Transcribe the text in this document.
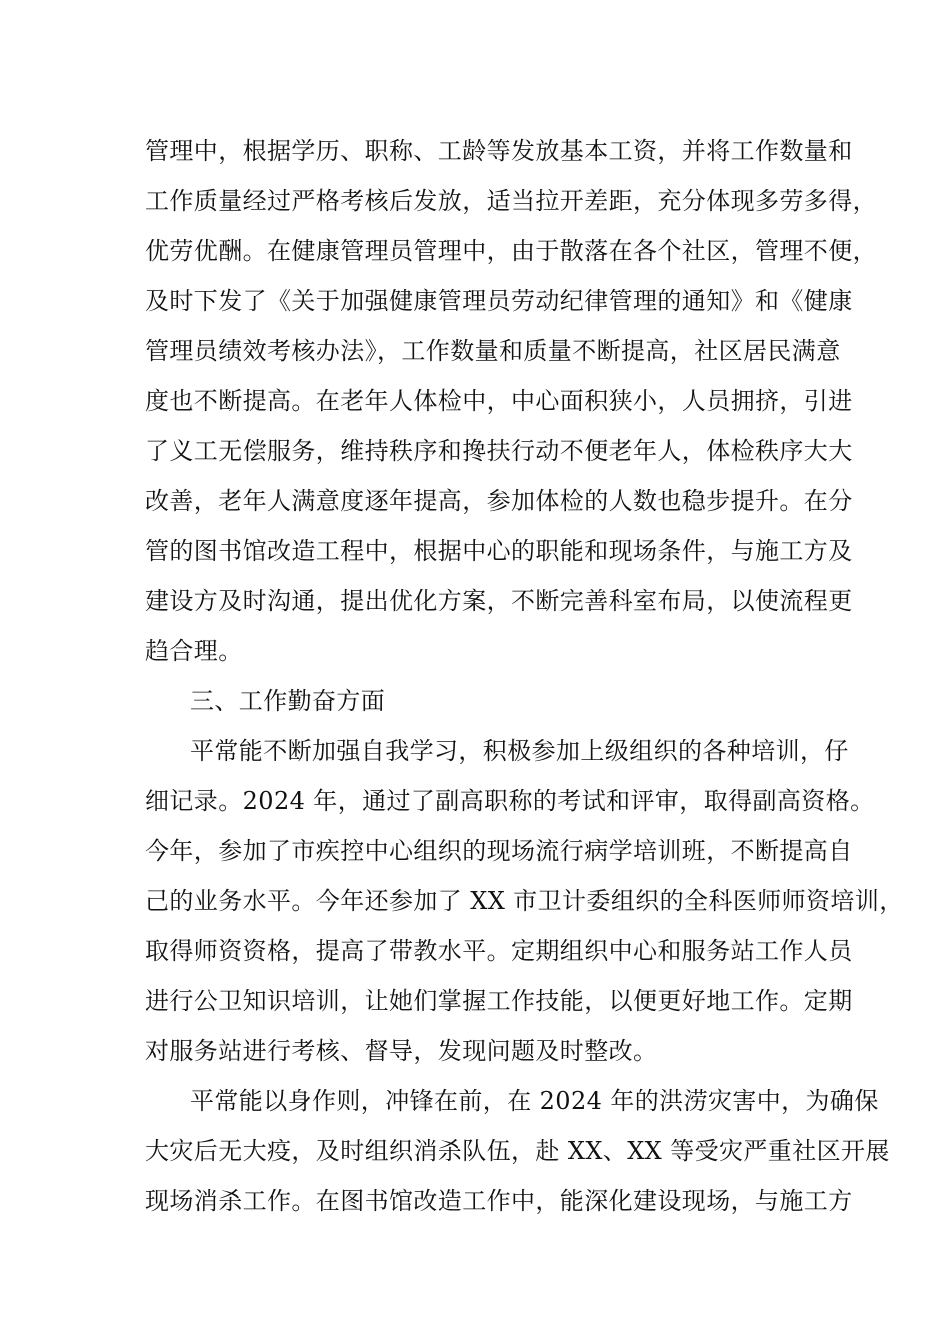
管理中，根据学历、职称、工龄等发放基本工资，并将工作数量和

工作质量经过严格考核后发放，适当拉开差距，充分体现多劳多得，

优劳优酬。在健康管理员管理中，由于散落在各个社区，管理不便，

及时下发了《关于加强健康管理员劳动纪律管理的通知》和《健康

管理员绩效考核办法》，工作数量和质量不断提高，社区居民满意

度也不断提高。在老年人体检中，中心面积狭小，人员拥挤，引进

了义工无偿服务，维持秩序和搀扶行动不便老年人，体检秩序大大

改善，老年人满意度逐年提高，参加体检的人数也稳步提升。在分

管的图书馆改造工程中，根据中心的职能和现场条件，与施工方及

建设方及时沟通，提出优化方案，不断完善科室布局，以使流程更

趋合理。

三、工作勤奋方面

平常能不断加强自我学习，积极参加上级组织的各种培训，仔

细记录。2024 年，通过了副高职称的考试和评审，取得副高资格。

今年，参加了市疾控中心组织的现场流行病学培训班，不断提高自

己的业务水平。今年还参加了 XX 市卫计委组织的全科医师师资培训，

取得师资资格，提高了带教水平。定期组织中心和服务站工作人员

进行公卫知识培训，让她们掌握工作技能，以便更好地工作。定期

对服务站进行考核、督导，发现问题及时整改。

平常能以身作则，冲锋在前，在 2024 年的洪涝灾害中，为确保

大灾后无大疫，及时组织消杀队伍，赴 XX、XX 等受灾严重社区开展

现场消杀工作。在图书馆改造工作中，能深化建设现场，与施工方
